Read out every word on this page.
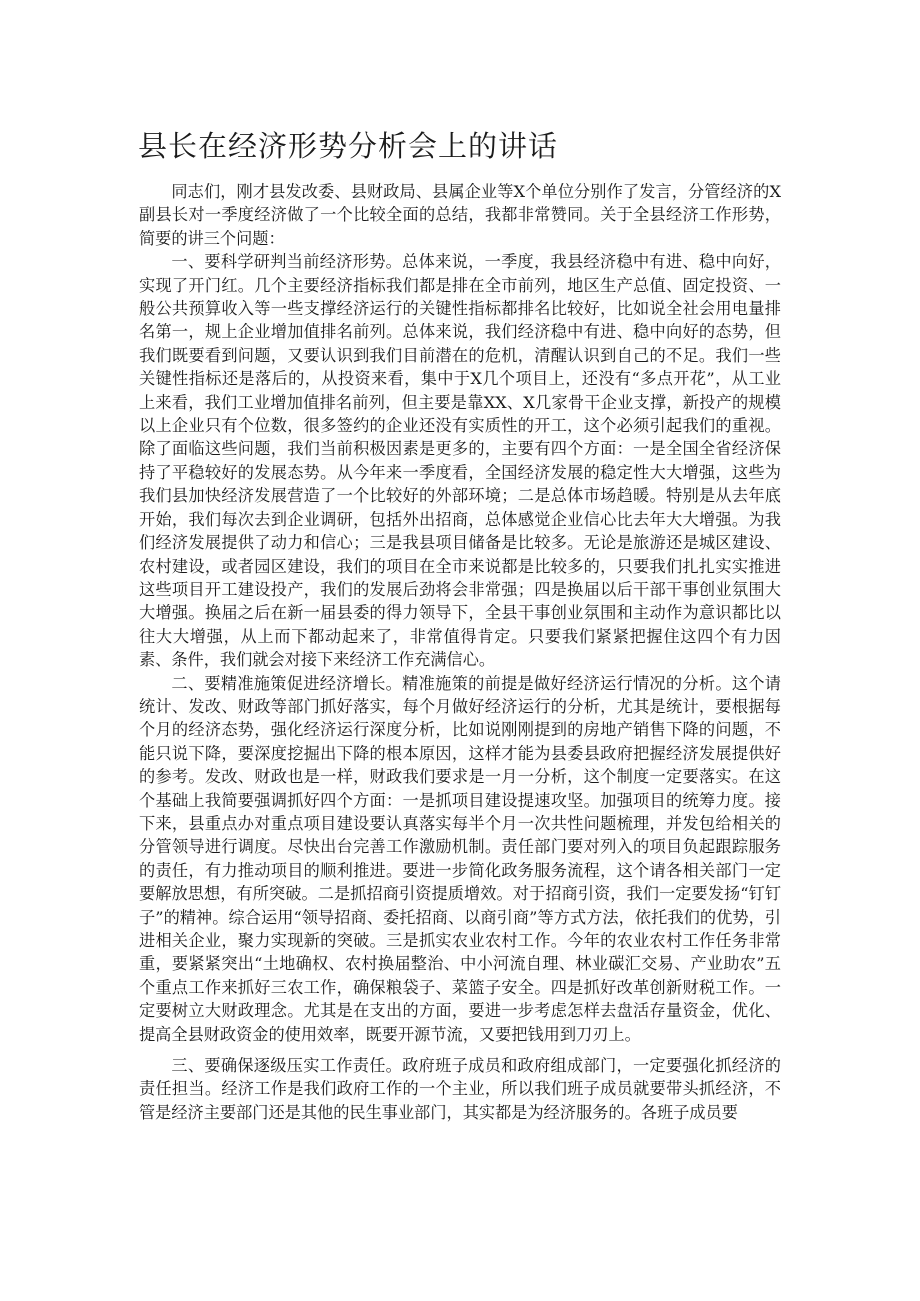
县长在经济形势分析会上的讲话

同志们，刚才县发改委、县财政局、县属企业等X个单位分别作了发言，分管经济的X副县长对一季度经济做了一个比较全面的总结，我都非常赞同。关于全县经济工作形势，简要的讲三个问题：

一、要科学研判当前经济形势。总体来说，一季度，我县经济稳中有进、稳中向好，实现了开门红。几个主要经济指标我们都是排在全市前列，地区生产总值、固定投资、一般公共预算收入等一些支撑经济运行的关键性指标都排名比较好，比如说全社会用电量排名第一，规上企业增加值排名前列。总体来说，我们经济稳中有进、稳中向好的态势，但我们既要看到问题，又要认识到我们目前潜在的危机，清醒认识到自己的不足。我们一些关键性指标还是落后的，从投资来看，集中于X几个项目上，还没有“多点开花”，从工业上来看，我们工业增加值排名前列，但主要是靠XX、X几家骨干企业支撑，新投产的规模以上企业只有个位数，很多签约的企业还没有实质性的开工，这个必须引起我们的重视。除了面临这些问题，我们当前积极因素是更多的，主要有四个方面：一是全国全省经济保持了平稳较好的发展态势。从今年来一季度看，全国经济发展的稳定性大大增强，这些为我们县加快经济发展营造了一个比较好的外部环境；二是总体市场趋暖。特别是从去年底开始，我们每次去到企业调研，包括外出招商，总体感觉企业信心比去年大大增强。为我们经济发展提供了动力和信心；三是我县项目储备是比较多。无论是旅游还是城区建设、农村建设，或者园区建设，我们的项目在全市来说都是比较多的，只要我们扎扎实实推进这些项目开工建设投产，我们的发展后劲将会非常强；四是换届以后干部干事创业氛围大大增强。换届之后在新一届县委的得力领导下，全县干事创业氛围和主动作为意识都比以往大大增强，从上而下都动起来了，非常值得肯定。只要我们紧紧把握住这四个有力因素、条件，我们就会对接下来经济工作充满信心。

二、要精准施策促进经济增长。精准施策的前提是做好经济运行情况的分析。这个请统计、发改、财政等部门抓好落实，每个月做好经济运行的分析，尤其是统计，要根据每个月的经济态势，强化经济运行深度分析，比如说刚刚提到的房地产销售下降的问题，不能只说下降，要深度挖掘出下降的根本原因，这样才能为县委县政府把握经济发展提供好的参考。发改、财政也是一样，财政我们要求是一月一分析，这个制度一定要落实。在这个基础上我简要强调抓好四个方面：一是抓项目建设提速攻坚。加强项目的统筹力度。接下来，县重点办对重点项目建设要认真落实每半个月一次共性问题梳理，并发包给相关的分管领导进行调度。尽快出台完善工作激励机制。责任部门要对列入的项目负起跟踪服务的责任，有力推动项目的顺利推进。要进一步简化政务服务流程，这个请各相关部门一定要解放思想，有所突破。二是抓招商引资提质增效。对于招商引资，我们一定要发扬“钉钉子”的精神。综合运用“领导招商、委托招商、以商引商”等方式方法，依托我们的优势，引进相关企业，聚力实现新的突破。三是抓实农业农村工作。今年的农业农村工作任务非常重，要紧紧突出“土地确权、农村换届整治、中小河流自理、林业碳汇交易、产业助农”五个重点工作来抓好三农工作，确保粮袋子、菜篮子安全。四是抓好改革创新财税工作。一定要树立大财政理念。尤其是在支出的方面，要进一步考虑怎样去盘活存量资金，优化、提高全县财政资金的使用效率，既要开源节流，又要把钱用到刀刃上。

三、要确保逐级压实工作责任。政府班子成员和政府组成部门，一定要强化抓经济的责任担当。经济工作是我们政府工作的一个主业，所以我们班子成员就要带头抓经济，不管是经济主要部门还是其他的民生事业部门，其实都是为经济服务的。各班子成员要
